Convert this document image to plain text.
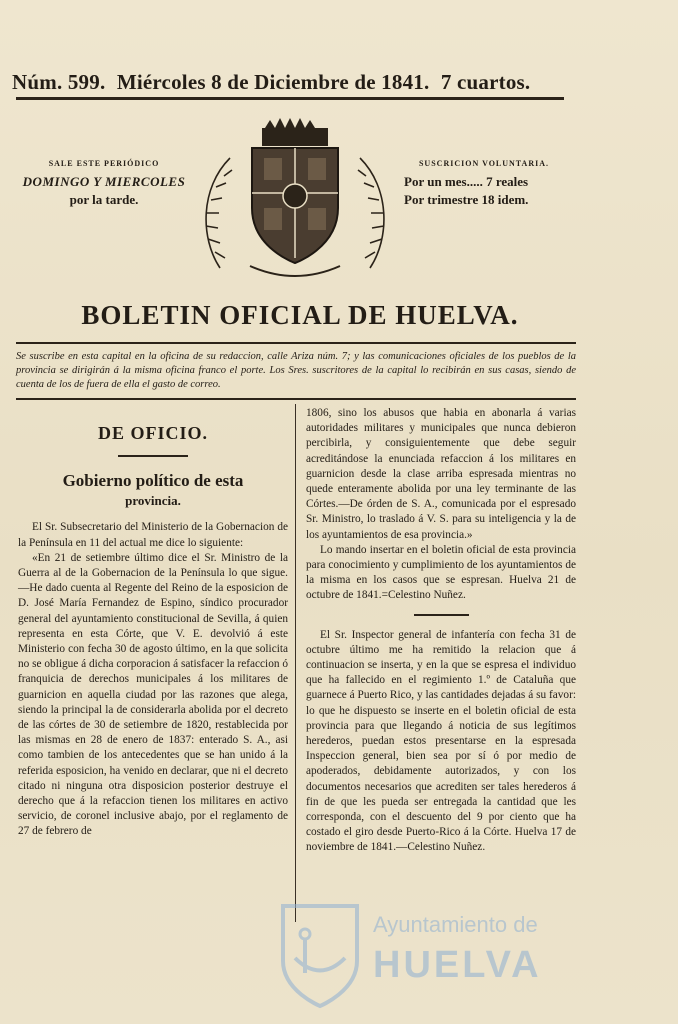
Núm. 599. Miércoles 8 de Diciembre de 1841. 7 cuartos.
SALE ESTE PERIÓDICO
DOMINGO Y MIERCOLES
por la tarde.
SUSCRICION VOLUNTARIA.
Por un mes..... 7 reales
Por trimestre 18 idem.
BOLETIN OFICIAL DE HUELVA.
Se suscribe en esta capital en la oficina de su redaccion, calle Ariza núm. 7; y las comunicaciones oficiales de los pueblos de la provincia se dirigirán á la misma oficina franco el porte. Los Sres. suscritores de la capital lo recibirán en sus casas, siendo de cuenta de los de fuera de ella el gasto de correo.
DE OFICIO.
Gobierno político de esta
provincia.

El Sr. Subsecretario del Ministerio de la Gobernacion de la Península en 11 del actual me dice lo siguiente:

«En 21 de setiembre último dice el Sr. Ministro de la Guerra al de la Gobernacion de la Península lo que sigue.—He dado cuenta al Regente del Reino de la esposicion de D. José María Fernandez de Espino, síndico procurador general del ayuntamiento constitucional de Sevilla, á quien representa en esta Córte, que V. E. devolvió á este Ministerio con fecha 30 de agosto último, en la que solicita no se obligue á dicha corporacion á satisfacer la refaccion ó franquicia de derechos municipales á los militares de guarnicion en aquella ciudad por las razones que alega, siendo la principal la de considerarla abolida por el decreto de las córtes de 30 de setiembre de 1820, restablecida por las mismas en 28 de enero de 1837: enterado S. A., asi como tambien de los antecedentes que se han unido á la referida esposicion, ha venido en declarar, que ni el decreto citado ni ninguna otra disposicion posterior destruye el derecho que á la refaccion tienen los militares en activo servicio, de coronel inclusive abajo, por el reglamento de 27 de febrero de

1806, sino los abusos que habia en abonarla á varias autoridades militares y municipales que nunca debieron percibirla, y consiguientemente que debe seguir acreditándose la enunciada refaccion á los militares en guarnicion desde la clase arriba espresada mientras no quede enteramente abolida por una ley terminante de las Córtes.—De órden de S. A., comunicada por el espresado Sr. Ministro, lo traslado á V. S. para su inteligencia y la de los ayuntamientos de esa provincia.»

Lo mando insertar en el boletin oficial de esta provincia para conocimiento y cumplimiento de los ayuntamientos de la misma en los casos que se espresan. Huelva 21 de octubre de 1841.=Celestino Nuñez.

El Sr. Inspector general de infantería con fecha 31 de octubre último me ha remitido la relacion que á continuacion se inserta, y en la que se espresa el individuo que ha fallecido en el regimiento 1.º de Cataluña que guarnece á Puerto Rico, y las cantidades dejadas á su favor: lo que he dispuesto se inserte en el boletin oficial de esta provincia para que llegando á noticia de sus legítimos herederos, puedan estos presentarse en la espresada Inspeccion general, bien sea por sí ó por medio de apoderados, debidamente autorizados, y con los documentos necesarios que acrediten ser tales herederos á fin de que les pueda ser entregada la cantidad que les corresponda, con el descuento del 9 por ciento que ha costado el giro desde Puerto-Rico á la Córte. Huelva 17 de noviembre de 1841.—Celestino Nuñez.

Ayuntamiento de
HUELVA
